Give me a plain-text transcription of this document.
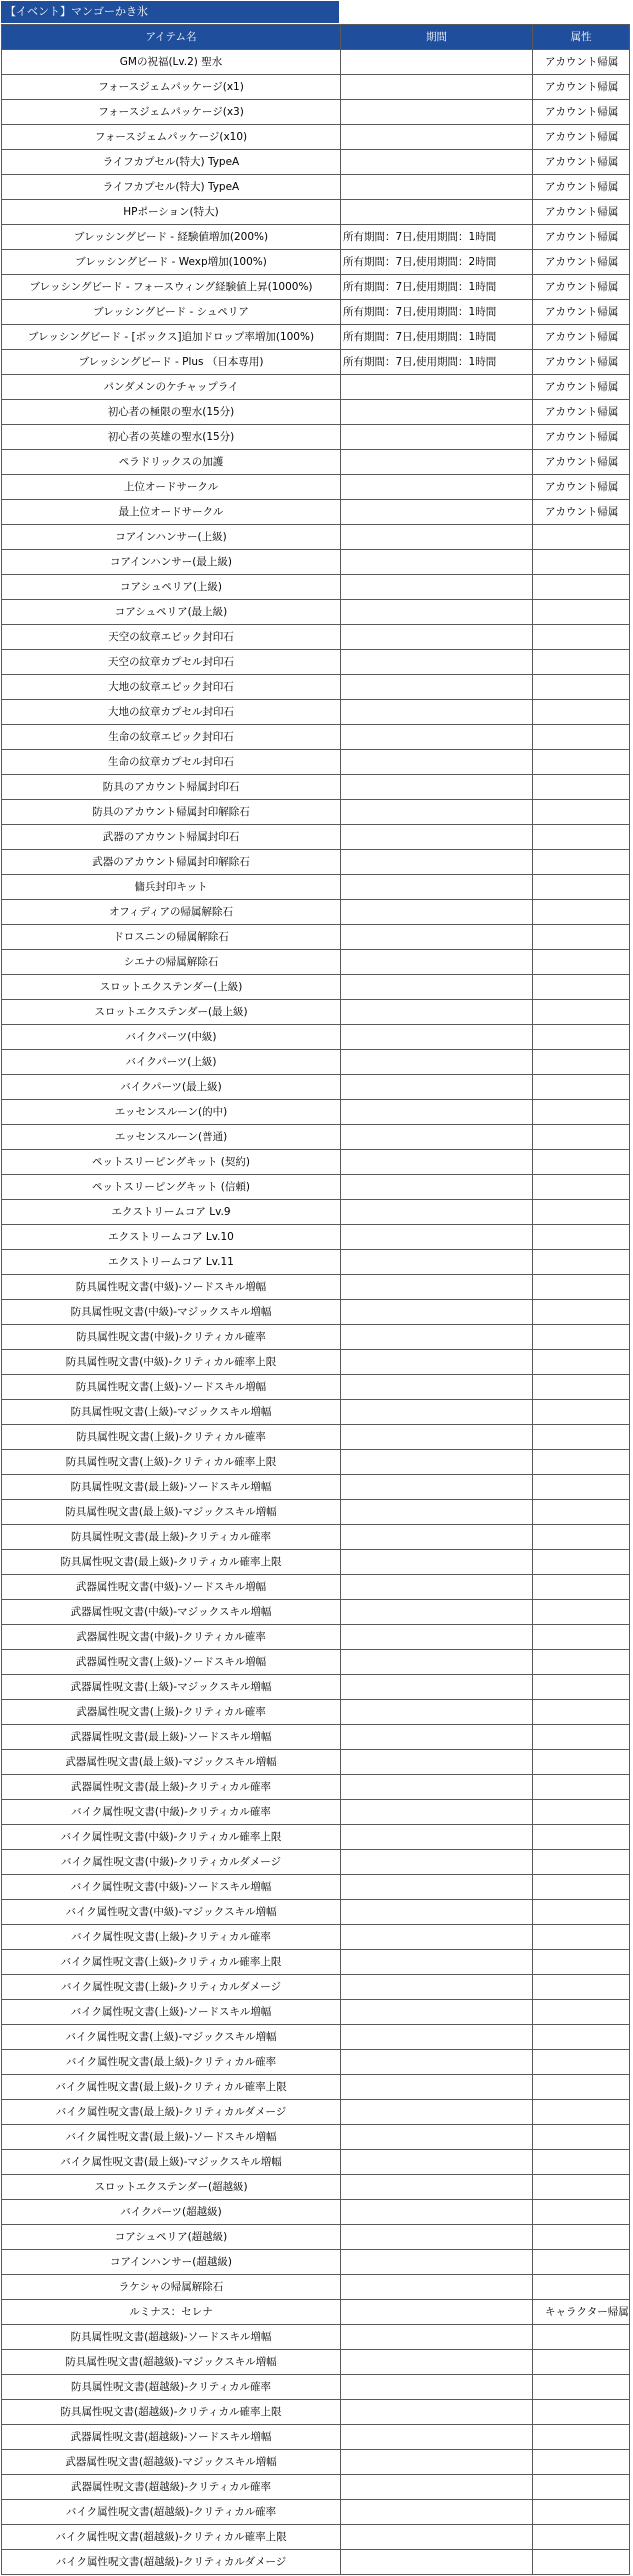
【イベント】マンゴーかき氷
アイテム名	期間	属性
GMの祝福(Lv.2) 聖水		アカウント帰属
フォースジェムパッケージ(x1)		アカウント帰属
フォースジェムパッケージ(x3)		アカウント帰属
フォースジェムパッケージ(x10)		アカウント帰属
ライフカプセル(特大) TypeA		アカウント帰属
ライフカプセル(特大) TypeA		アカウント帰属
HPポーション(特大)		アカウント帰属
ブレッシングビード - 経験値増加(200%)	所有期間：7日,使用期間：1時間	アカウント帰属
ブレッシングビード - Wexp増加(100%)	所有期間：7日,使用期間：2時間	アカウント帰属
ブレッシングビード - フォースウィング経験値上昇(1000%)	所有期間：7日,使用期間：1時間	アカウント帰属
ブレッシングビード - シュペリア	所有期間：7日,使用期間：1時間	アカウント帰属
ブレッシングビード - [ボックス]追加ドロップ率増加(100%)	所有期間：7日,使用期間：1時間	アカウント帰属
ブレッシングビード - Plus （日本専用)	所有期間：7日,使用期間：1時間	アカウント帰属
パンダメンのケチャップライ		アカウント帰属
初心者の極限の聖水(15分)		アカウント帰属
初心者の英雄の聖水(15分)		アカウント帰属
ペラドリックスの加護		アカウント帰属
上位オードサークル		アカウント帰属
最上位オードサークル		アカウント帰属
コアインハンサー(上級)		
コアインハンサー(最上級)		
コアシュペリア(上級)		
コアシュペリア(最上級)		
天空の紋章エピック封印石		
天空の紋章カプセル封印石		
大地の紋章エピック封印石		
大地の紋章カプセル封印石		
生命の紋章エピック封印石		
生命の紋章カプセル封印石		
防具のアカウント帰属封印石		
防具のアカウント帰属封印解除石		
武器のアカウント帰属封印石		
武器のアカウント帰属封印解除石		
傭兵封印キット		
オフィディアの帰属解除石		
ドロスニンの帰属解除石		
シエナの帰属解除石		
スロットエクステンダー(上級)		
スロットエクステンダー(最上級)		
バイクパーツ(中級)		
バイクパーツ(上級)		
バイクパーツ(最上級)		
エッセンスルーン(的中)		
エッセンスルーン(普通)		
ペットスリーピングキット (契約)		
ペットスリーピングキット (信頼)		
エクストリームコア Lv.9		
エクストリームコア Lv.10		
エクストリームコア Lv.11		
防具属性呪文書(中級)-ソードスキル増幅		
防具属性呪文書(中級)-マジックスキル増幅		
防具属性呪文書(中級)-クリティカル確率		
防具属性呪文書(中級)-クリティカル確率上限		
防具属性呪文書(上級)-ソードスキル増幅		
防具属性呪文書(上級)-マジックスキル増幅		
防具属性呪文書(上級)-クリティカル確率		
防具属性呪文書(上級)-クリティカル確率上限		
防具属性呪文書(最上級)-ソードスキル増幅		
防具属性呪文書(最上級)-マジックスキル増幅		
防具属性呪文書(最上級)-クリティカル確率		
防具属性呪文書(最上級)-クリティカル確率上限		
武器属性呪文書(中級)-ソードスキル増幅		
武器属性呪文書(中級)-マジックスキル増幅		
武器属性呪文書(中級)-クリティカル確率		
武器属性呪文書(上級)-ソードスキル増幅		
武器属性呪文書(上級)-マジックスキル増幅		
武器属性呪文書(上級)-クリティカル確率		
武器属性呪文書(最上級)-ソードスキル増幅		
武器属性呪文書(最上級)-マジックスキル増幅		
武器属性呪文書(最上級)-クリティカル確率		
バイク属性呪文書(中級)-クリティカル確率		
バイク属性呪文書(中級)-クリティカル確率上限		
バイク属性呪文書(中級)-クリティカルダメージ		
バイク属性呪文書(中級)-ソードスキル増幅		
バイク属性呪文書(中級)-マジックスキル増幅		
バイク属性呪文書(上級)-クリティカル確率		
バイク属性呪文書(上級)-クリティカル確率上限		
バイク属性呪文書(上級)-クリティカルダメージ		
バイク属性呪文書(上級)-ソードスキル増幅		
バイク属性呪文書(上級)-マジックスキル増幅		
バイク属性呪文書(最上級)-クリティカル確率		
バイク属性呪文書(最上級)-クリティカル確率上限		
バイク属性呪文書(最上級)-クリティカルダメージ		
バイク属性呪文書(最上級)-ソードスキル増幅		
バイク属性呪文書(最上級)-マジックスキル増幅		
スロットエクステンダー(超越級)		
バイクパーツ(超越級)		
コアシュペリア(超越級)		
コアインハンサー(超越級)		
ラケシャの帰属解除石		
ルミナス：セレナ		キャラクター帰属
防具属性呪文書(超越級)-ソードスキル増幅		
防具属性呪文書(超越級)-マジックスキル増幅		
防具属性呪文書(超越級)-クリティカル確率		
防具属性呪文書(超越級)-クリティカル確率上限		
武器属性呪文書(超越級)-ソードスキル増幅		
武器属性呪文書(超越級)-マジックスキル増幅		
武器属性呪文書(超越級)-クリティカル確率		
バイク属性呪文書(超越級)-クリティカル確率		
バイク属性呪文書(超越級)-クリティカル確率上限		
バイク属性呪文書(超越級)-クリティカルダメージ		
